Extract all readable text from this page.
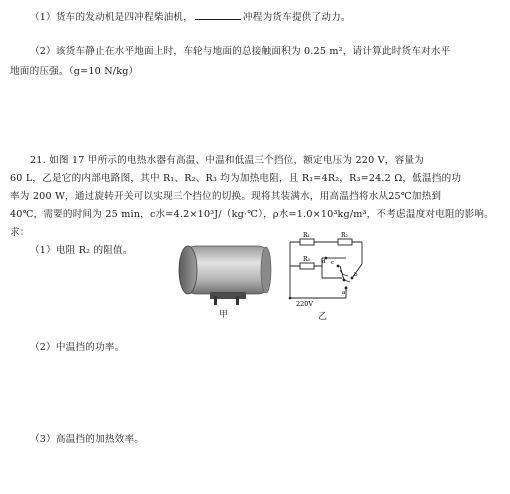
（1）货车的发动机是四冲程柴油机，	冲程为货车提供了动力。
（2）该货车静止在水平地面上时，车轮与地面的总接触面积为 0.25 m²，请计算此时货车对水平
地面的压强。（g=10 N/kg）
21. 如图 17 甲所示的电热水器有高温、中温和低温三个挡位，额定电压为 220 V，容量为
60 L，乙是它的内部电路图，其中 R₁、R₂、R₃ 均为加热电阻，且 R₁=4R₂，R₃=24.2 Ω，低温挡的功
率为 200 W，通过旋转开关可以实现三个挡位的切换。现将其装满水，用高温挡将水从25℃加热到
40℃，需要的时间为 25 min，c水=4.2×10³J/（kg·℃），ρ水=1.0×10³kg/m³，不考虑温度对电阻的影响。
求：
（1）电阻 R₂ 的阻值。
甲
R₁	R₂
R₃ d c
b
a
220V
乙
（2）中温挡的功率。
（3）高温挡的加热效率。
